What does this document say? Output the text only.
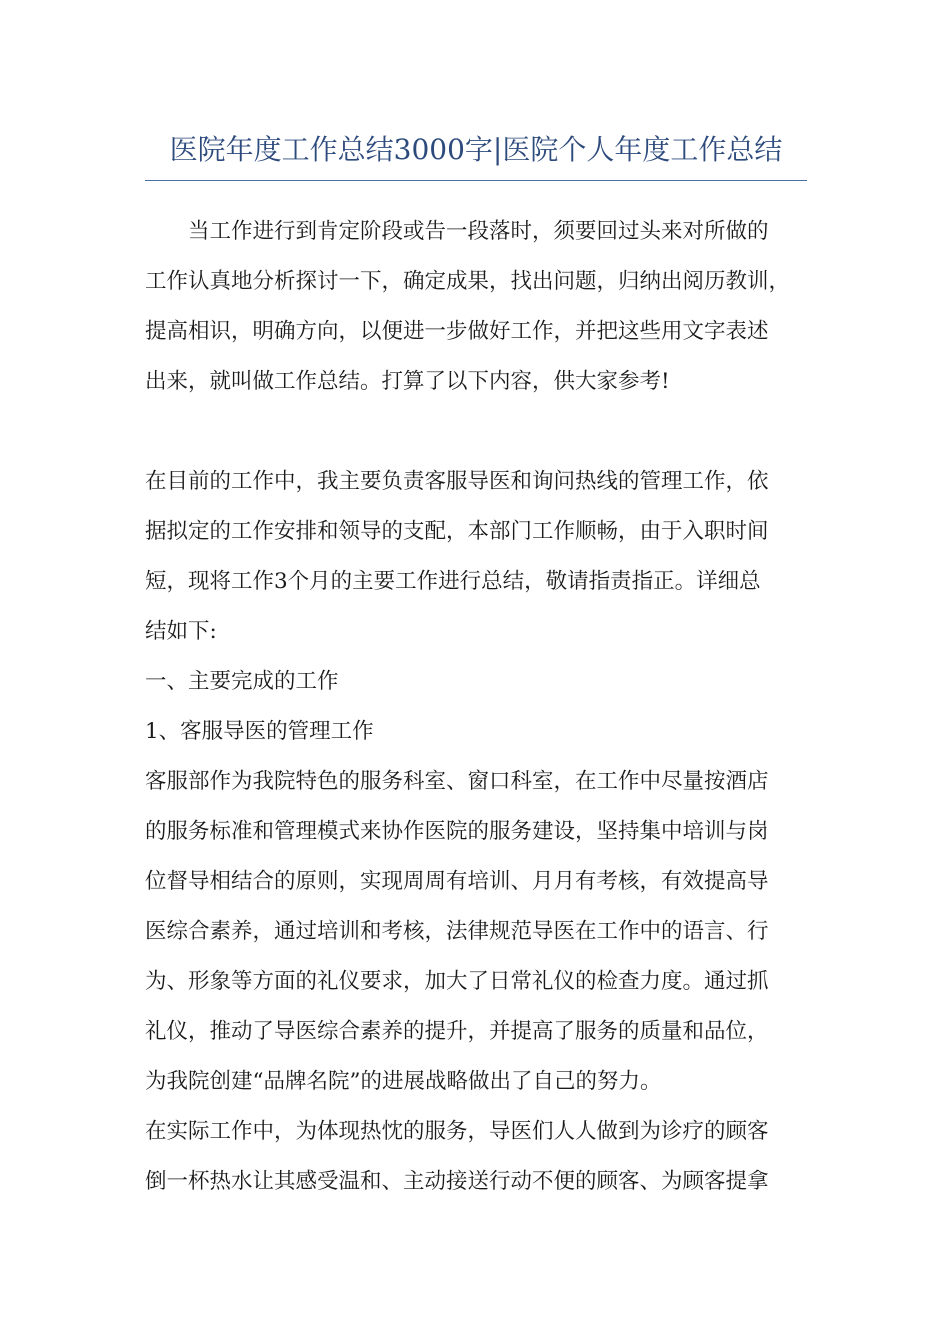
医院年度工作总结3000字|医院个人年度工作总结

当工作进行到肯定阶段或告一段落时，须要回过头来对所做的

工作认真地分析探讨一下，确定成果，找出问题，归纳出阅历教训，
提高相识，明确方向，以便进一步做好工作，并把这些用文字表述
出来，就叫做工作总结。打算了以下内容，供大家参考!

在目前的工作中，我主要负责客服导医和询问热线的管理工作，依
据拟定的工作安排和领导的支配，本部门工作顺畅，由于入职时间
短，现将工作3个月的主要工作进行总结，敬请指责指正。详细总
结如下:

一、主要完成的工作

1、客服导医的管理工作

客服部作为我院特色的服务科室、窗口科室，在工作中尽量按酒店
的服务标准和管理模式来协作医院的服务建设，坚持集中培训与岗
位督导相结合的原则，实现周周有培训、月月有考核，有效提高导
医综合素养，通过培训和考核，法律规范导医在工作中的语言、行
为、形象等方面的礼仪要求，加大了日常礼仪的检查力度。通过抓
礼仪，推动了导医综合素养的提升，并提高了服务的质量和品位，
为我院创建“品牌名院”的进展战略做出了自己的努力。

在实际工作中，为体现热忱的服务，导医们人人做到为诊疗的顾客
倒一杯热水让其感受温和、主动接送行动不便的顾客、为顾客提拿
